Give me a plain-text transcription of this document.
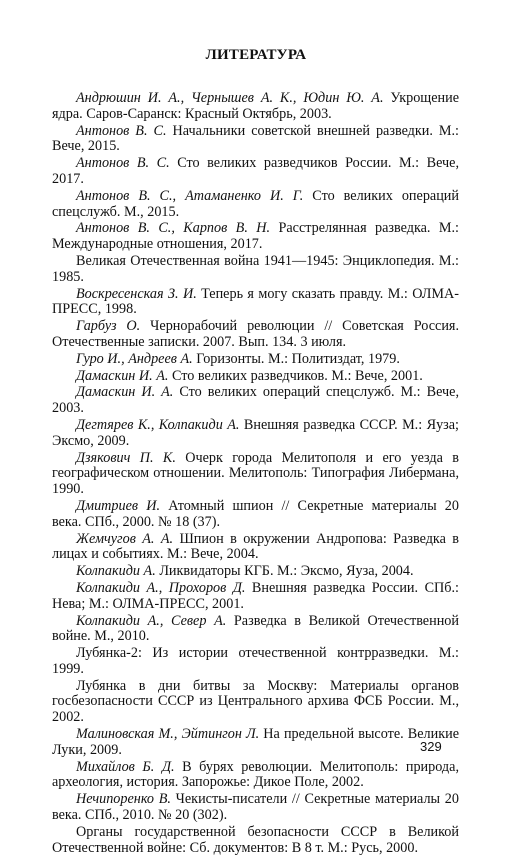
ЛИТЕРАТУРА

Андрюшин И. А., Чернышев А. К., Юдин Ю. А. Укрощение ядра. Саров-Саранск: Красный Октябрь, 2003.

Антонов В. С. Начальники советской внешней разведки. М.: Вече, 2015.

Антонов В. С. Сто великих разведчиков России. М.: Вече, 2017.

Антонов В. С., Атаманенко И. Г. Сто великих операций спецслужб. М., 2015.

Антонов В. С., Карпов В. Н. Расстрелянная разведка. М.: Международные отношения, 2017.

Великая Отечественная война 1941—1945: Энциклопедия. М.: 1985.

Воскресенская З. И. Теперь я могу сказать правду. М.: ОЛМА-ПРЕСС, 1998.

Гарбуз О. Чернорабочий революции // Советская Россия. Отечественные записки. 2007. Вып. 134. 3 июля.

Гуро И., Андреев А. Горизонты. М.: Политиздат, 1979.

Дамаскин И. А. Сто великих разведчиков. М.: Вече, 2001.

Дамаскин И. А. Сто великих операций спецслужб. М.: Вече, 2003.

Дегтярев К., Колпакиди А. Внешняя разведка СССР. М.: Яуза; Эксмо, 2009.

Дзякович П. К. Очерк города Мелитополя и его уезда в географическом отношении. Мелитополь: Типография Либермана, 1990.

Дмитриев И. Атомный шпион // Секретные материалы 20 века. СПб., 2000. № 18 (37).

Жемчугов А. А. Шпион в окружении Андропова: Разведка в лицах и событиях. М.: Вече, 2004.

Колпакиди А. Ликвидаторы КГБ. М.: Эксмо, Яуза, 2004.

Колпакиди А., Прохоров Д. Внешняя разведка России. СПб.: Нева; М.: ОЛМА-ПРЕСС, 2001.

Колпакиди А., Север А. Разведка в Великой Отечественной войне. М., 2010.

Лубянка-2: Из истории отечественной контрразведки. М.: 1999.

Лубянка в дни битвы за Москву: Материалы органов госбезопасности СССР из Центрального архива ФСБ России. М., 2002.

Малиновская М., Эйтингон Л. На предельной высоте. Великие Луки, 2009.

Михайлов Б. Д. В бурях революции. Мелитополь: природа, археология, история. Запорожье: Дикое Поле, 2002.

Нечипоренко В. Чекисты-писатели // Секретные материалы 20 века. СПб., 2010. № 20 (302).

Органы государственной безопасности СССР в Великой Отечественной войне: Сб. документов: В 8 т. М.: Русь, 2000.

329
